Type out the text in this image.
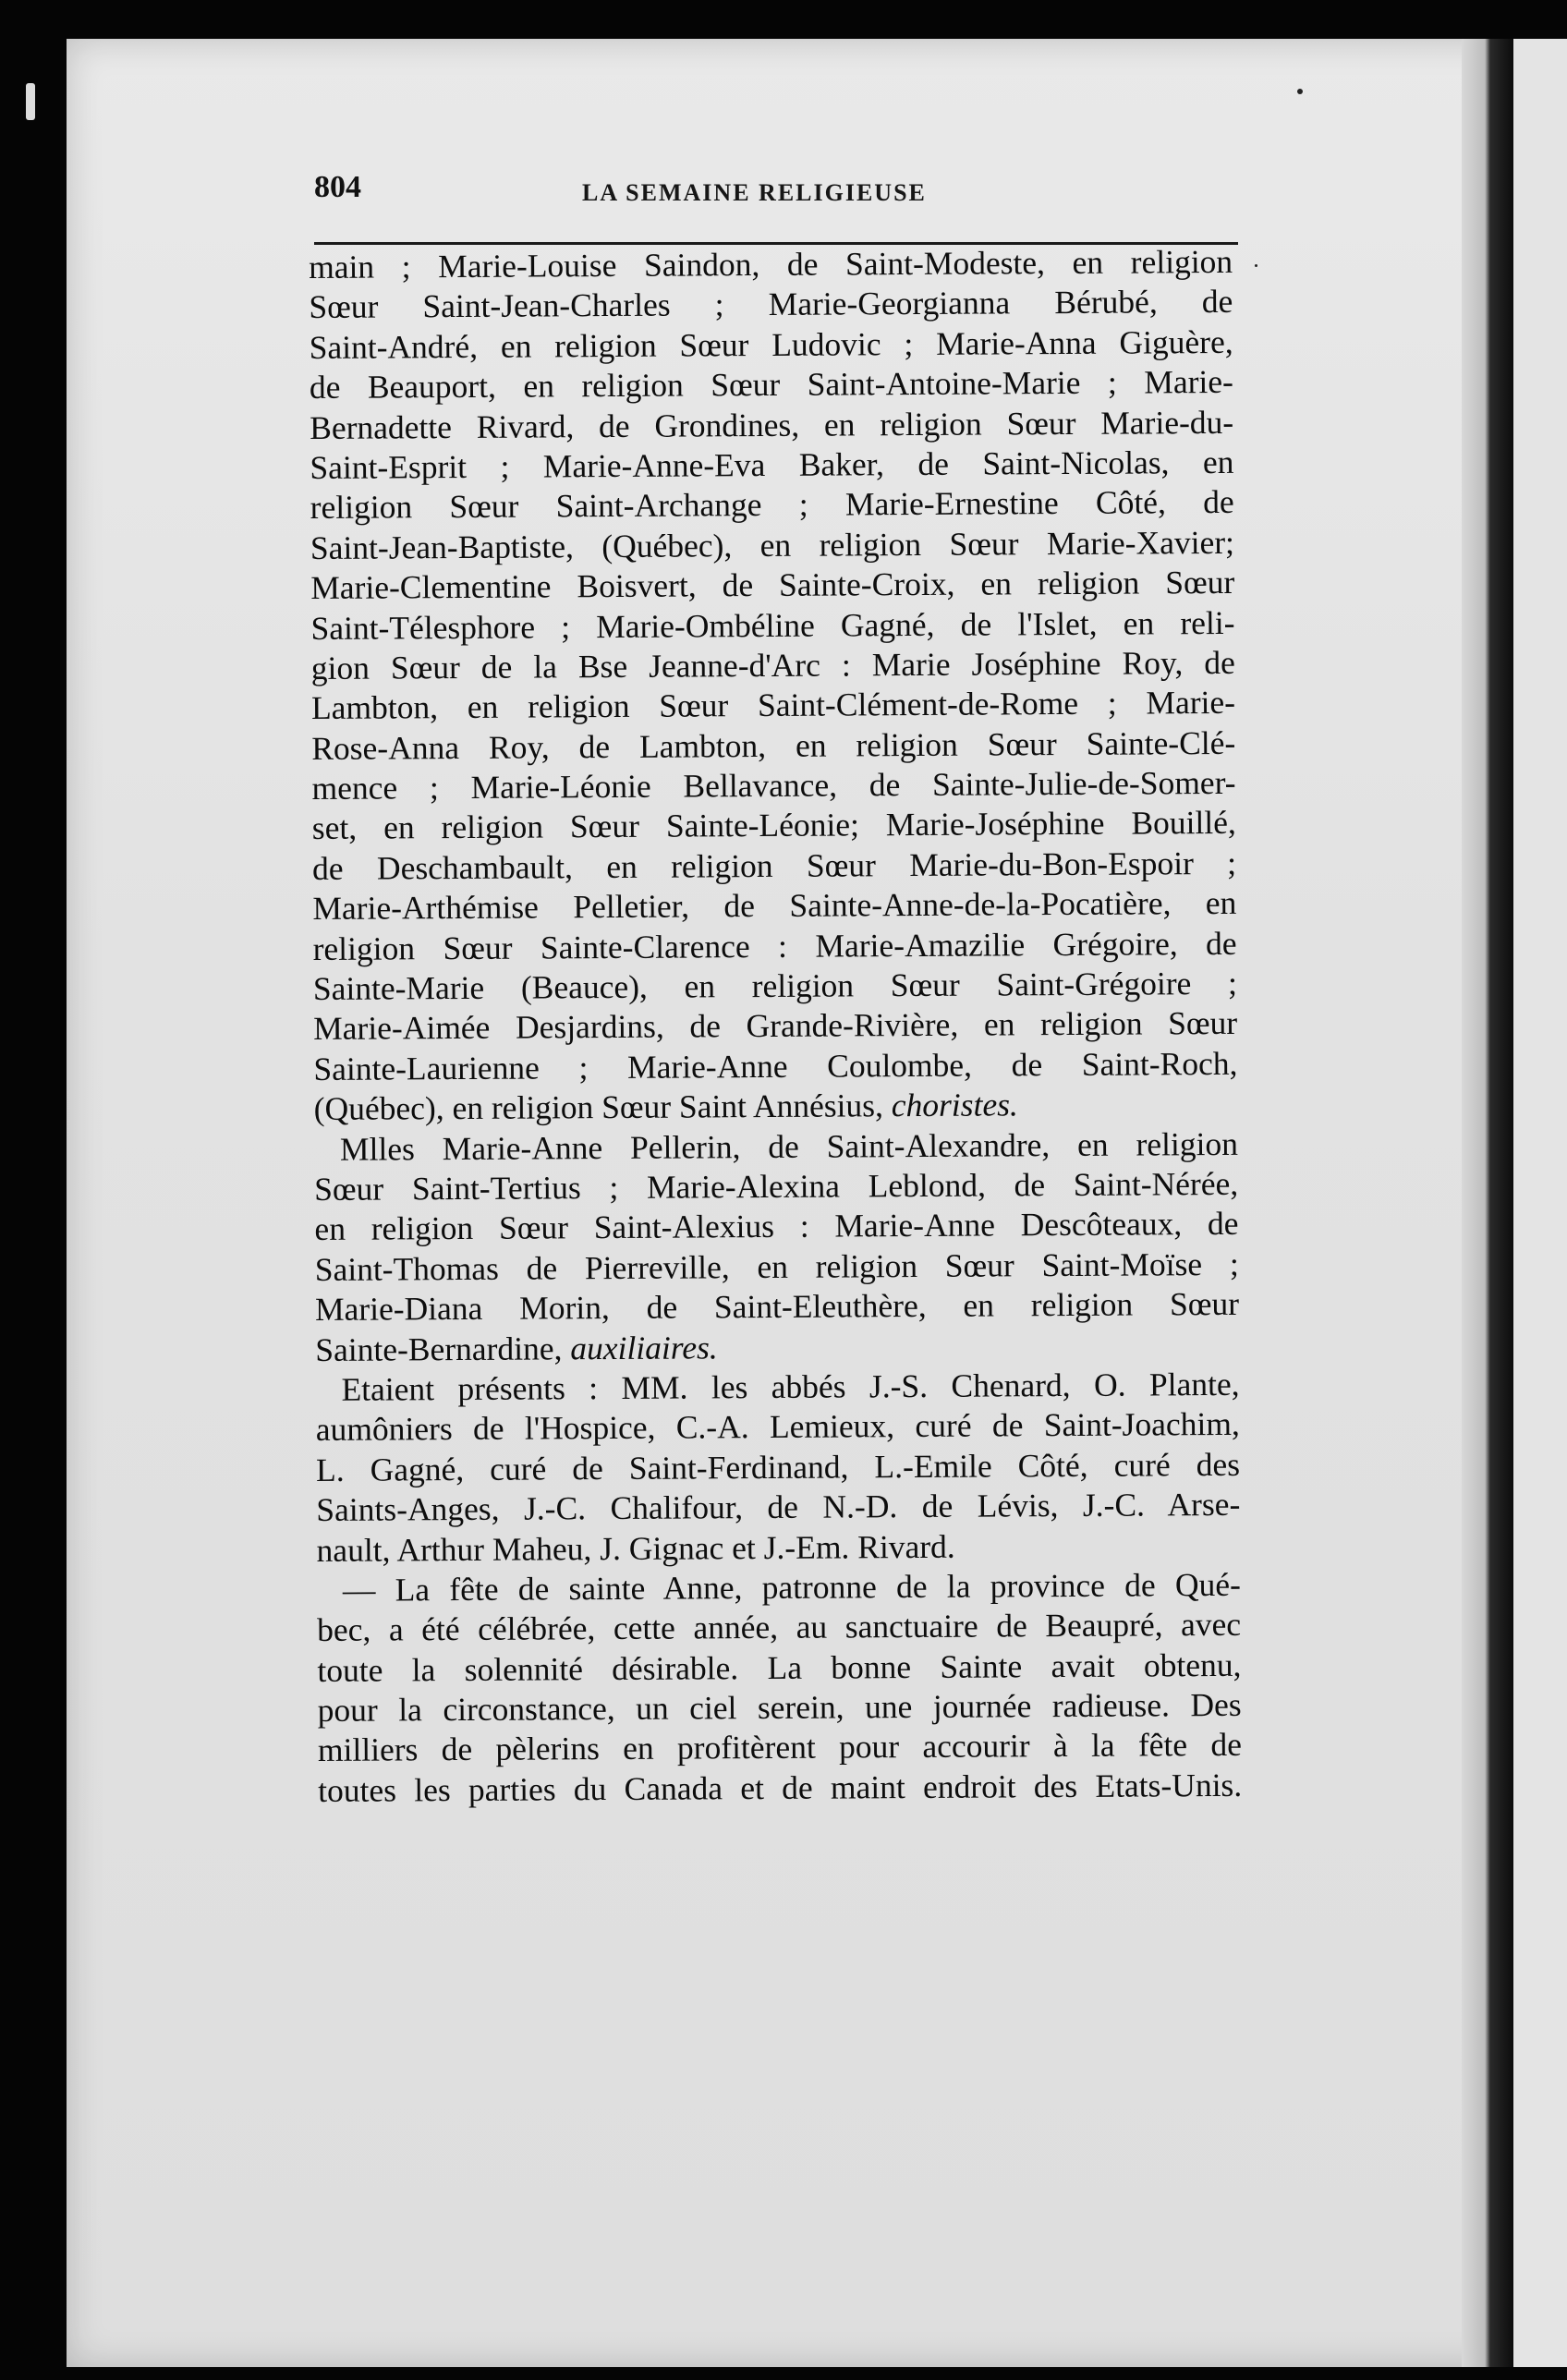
804	LA SEMAINE RELIGIEUSE
main ; Marie-Louise Saindon, de Saint-Modeste, en religion
Sœur Saint-Jean-Charles ; Marie-Georgianna Bérubé, de
Saint-André, en religion Sœur Ludovic ; Marie-Anna Giguère,
de Beauport, en religion Sœur Saint-Antoine-Marie ; Marie-
Bernadette Rivard, de Grondines, en religion Sœur Marie-du-
Saint-Esprit ; Marie-Anne-Eva Baker, de Saint-Nicolas, en
religion Sœur Saint-Archange ; Marie-Ernestine Côté, de
Saint-Jean-Baptiste, (Québec), en religion Sœur Marie-Xavier;
Marie-Clementine Boisvert, de Sainte-Croix, en religion Sœur
Saint-Télesphore ; Marie-Ombéline Gagné, de l'Islet, en reli-
gion Sœur de la Bse Jeanne-d'Arc : Marie Joséphine Roy, de
Lambton, en religion Sœur Saint-Clément-de-Rome ; Marie-
Rose-Anna Roy, de Lambton, en religion Sœur Sainte-Clé-
mence ; Marie-Léonie Bellavance, de Sainte-Julie-de-Somer-
set, en religion Sœur Sainte-Léonie; Marie-Joséphine Bouillé,
de Deschambault, en religion Sœur Marie-du-Bon-Espoir ;
Marie-Arthémise Pelletier, de Sainte-Anne-de-la-Pocatière, en
religion Sœur Sainte-Clarence : Marie-Amazilie Grégoire, de
Sainte-Marie (Beauce), en religion Sœur Saint-Grégoire ;
Marie-Aimée Desjardins, de Grande-Rivière, en religion Sœur
Sainte-Laurienne ; Marie-Anne Coulombe, de Saint-Roch,
(Québec), en religion Sœur Saint Annésius, choristes.
Mlles Marie-Anne Pellerin, de Saint-Alexandre, en religion
Sœur Saint-Tertius ; Marie-Alexina Leblond, de Saint-Nérée,
en religion Sœur Saint-Alexius : Marie-Anne Descôteaux, de
Saint-Thomas de Pierreville, en religion Sœur Saint-Moïse ;
Marie-Diana Morin, de Saint-Eleuthère, en religion Sœur
Sainte-Bernardine, auxiliaires.
Etaient présents : MM. les abbés J.-S. Chenard, O. Plante,
aumôniers de l'Hospice, C.-A. Lemieux, curé de Saint-Joachim,
L. Gagné, curé de Saint-Ferdinand, L.-Emile Côté, curé des
Saints-Anges, J.-C. Chalifour, de N.-D. de Lévis, J.-C. Arse-
nault, Arthur Maheu, J. Gignac et J.-Em. Rivard.
— La fête de sainte Anne, patronne de la province de Qué-
bec, a été célébrée, cette année, au sanctuaire de Beaupré, avec
toute la solennité désirable. La bonne Sainte avait obtenu,
pour la circonstance, un ciel serein, une journée radieuse. Des
milliers de pèlerins en profitèrent pour accourir à la fête de
toutes les parties du Canada et de maint endroit des Etats-Unis.
